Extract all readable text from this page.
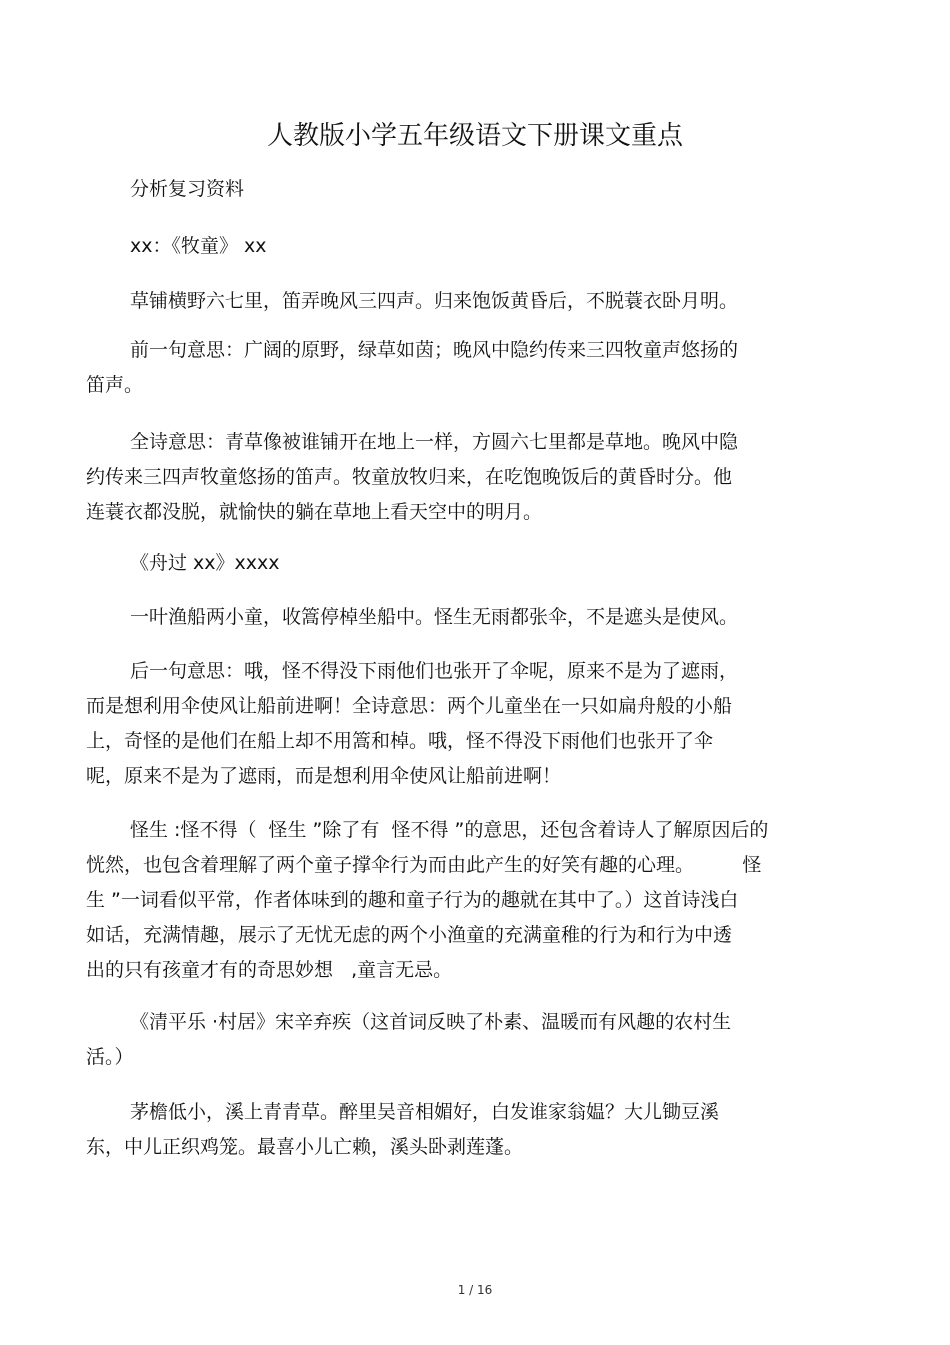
人教版小学五年级语文下册课文重点

分析复习资料

xx：《牧童》 xx

草铺横野六七里，笛弄晚风三四声。归来饱饭黄昏后，不脱蓑衣卧月明。

前一句意思：广阔的原野，绿草如茵；晚风中隐约传来三四牧童声悠扬的

笛声。

全诗意思：青草像被谁铺开在地上一样，方圆六七里都是草地。晚风中隐

约传来三四声牧童悠扬的笛声。牧童放牧归来，在吃饱晚饭后的黄昏时分。他

连蓑衣都没脱，就愉快的躺在草地上看天空中的明月。

《舟过 xx》xxxx

一叶渔船两小童，收篙停棹坐船中。怪生无雨都张伞，不是遮头是使风。

后一句意思：哦，怪不得没下雨他们也张开了伞呢，原来不是为了遮雨，

而是想利用伞使风让船前进啊！全诗意思：两个儿童坐在一只如扁舟般的小船

上，奇怪的是他们在船上却不用篙和棹。哦，怪不得没下雨他们也张开了伞

呢，原来不是为了遮雨，而是想利用伞使风让船前进啊！

怪生 :怪不得（  怪生 ”除了有  怪不得 ”的意思，还包含着诗人了解原因后的

恍然，也包含着理解了两个童子撑伞行为而由此产生的好笑有趣的心理。        怪

生 ”一词看似平常，作者体味到的趣和童子行为的趣就在其中了。）这首诗浅白

如话，充满情趣，展示了无忧无虑的两个小渔童的充满童稚的行为和行为中透

出的只有孩童才有的奇思妙想   ,童言无忌。

《清平乐 ·村居》宋辛弃疾（这首词反映了朴素、温暖而有风趣的农村生

活。）

茅檐低小，溪上青青草。醉里吴音相媚好，白发谁家翁媪？大儿锄豆溪

东，中儿正织鸡笼。最喜小儿亡赖，溪头卧剥莲蓬。

1 / 16
